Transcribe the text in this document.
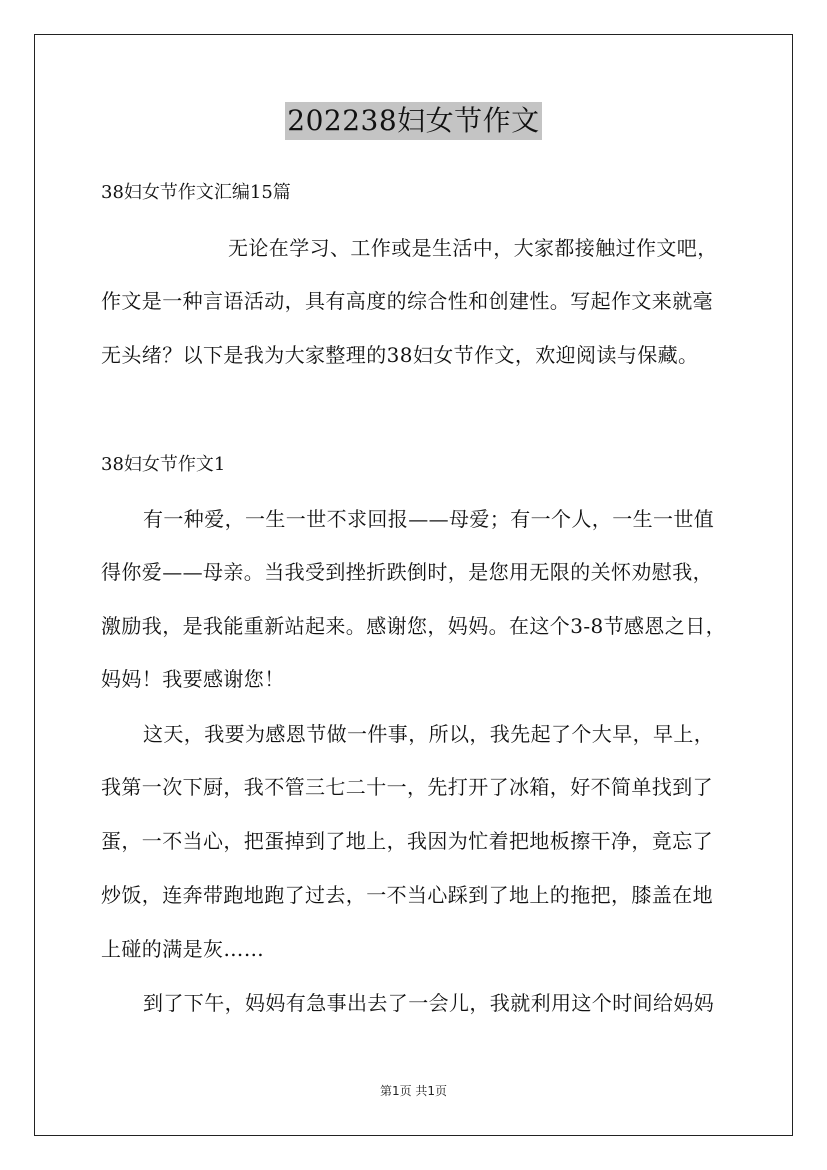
202238妇女节作文
38妇女节作文汇编15篇
无论在学习、工作或是生活中，大家都接触过作文吧，
作文是一种言语活动，具有高度的综合性和创建性。写起作文来就毫
无头绪？以下是我为大家整理的38妇女节作文，欢迎阅读与保藏。
38妇女节作文1
有一种爱，一生一世不求回报——母爱；有一个人，一生一世值
得你爱——母亲。当我受到挫折跌倒时，是您用无限的关怀劝慰我，
激励我，是我能重新站起来。感谢您，妈妈。在这个3-8节感恩之日，
妈妈！我要感谢您！
这天，我要为感恩节做一件事，所以，我先起了个大早，早上，
我第一次下厨，我不管三七二十一，先打开了冰箱，好不简单找到了
蛋，一不当心，把蛋掉到了地上，我因为忙着把地板擦干净，竟忘了
炒饭，连奔带跑地跑了过去，一不当心踩到了地上的拖把，膝盖在地
上碰的满是灰……
到了下午，妈妈有急事出去了一会儿，我就利用这个时间给妈妈
第1页 共1页
